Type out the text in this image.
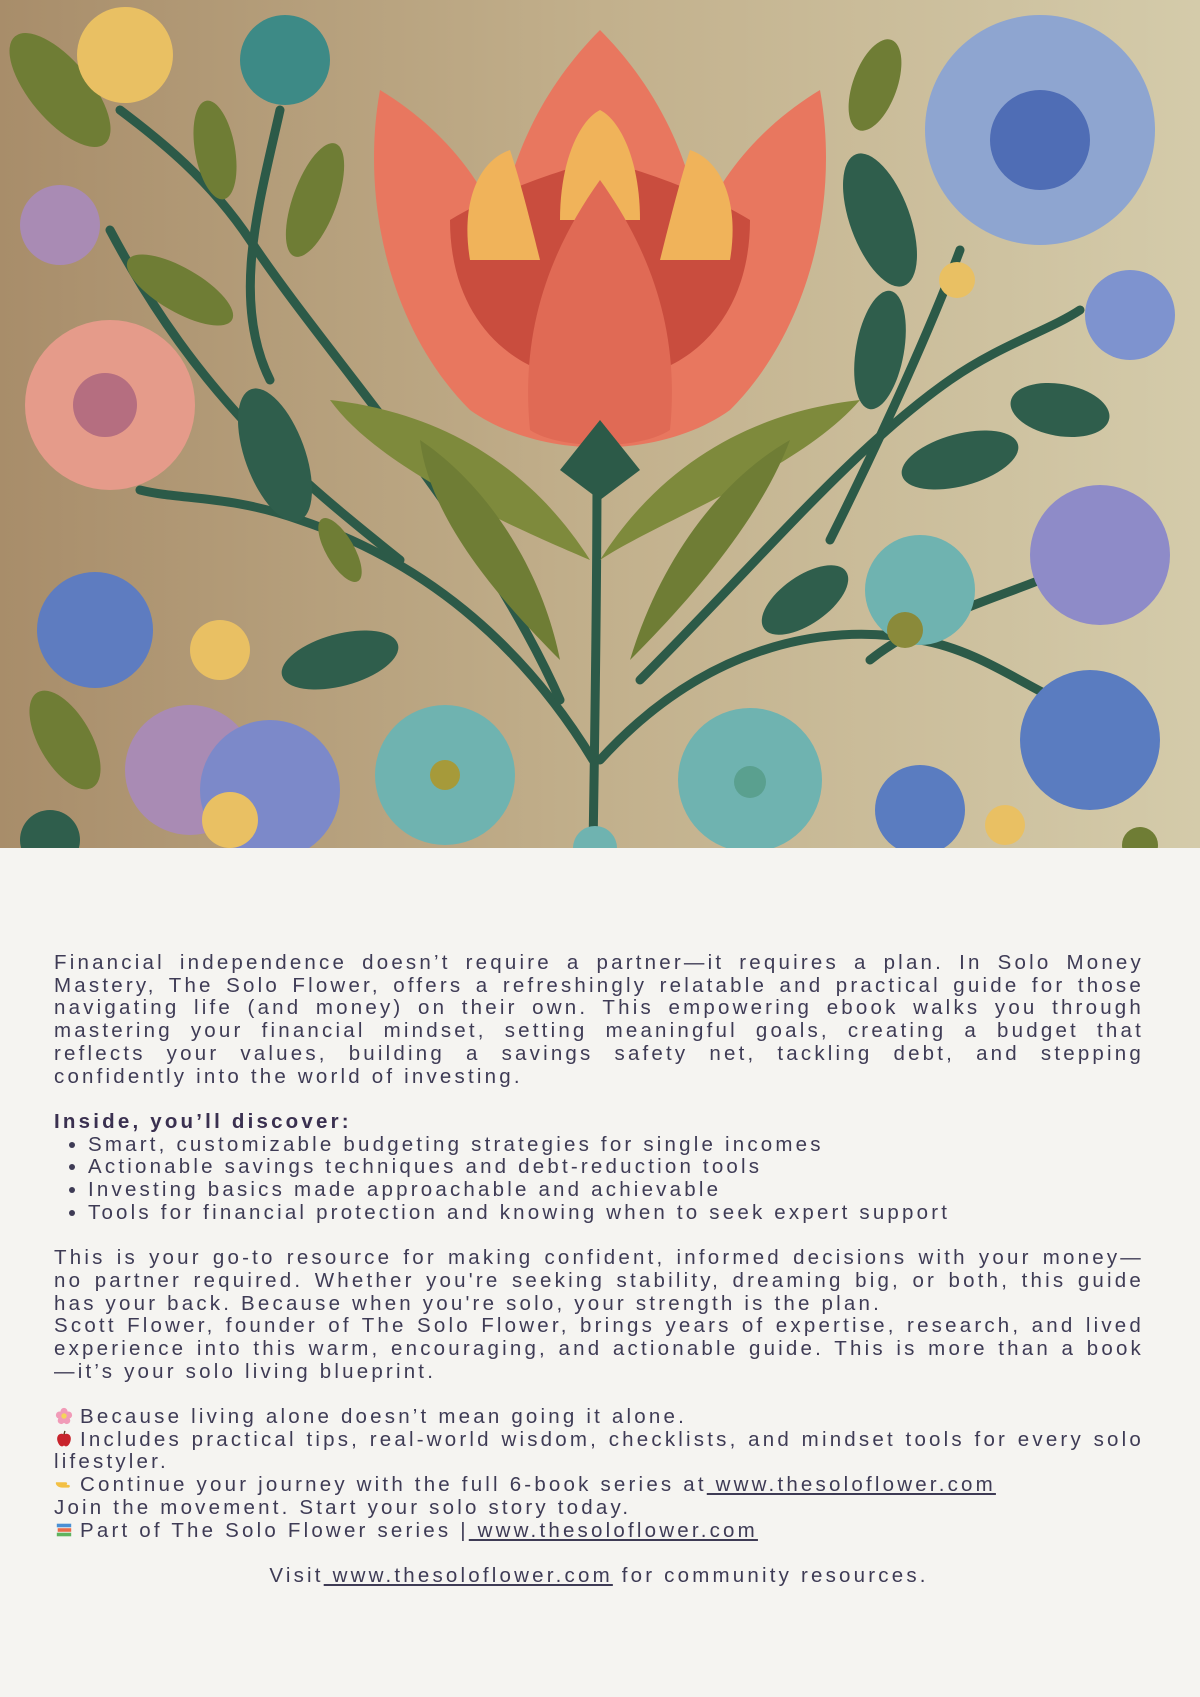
Financial independence doesn’t require a partner—it requires a plan. In Solo Money Mastery, The Solo Flower, offers a refreshingly relatable and practical guide for those navigating life (and money) on their own. This empowering ebook walks you through mastering your financial mindset, setting meaningful goals, creating a budget that reflects your values, building a savings safety net, tackling debt, and stepping confidently into the world of investing.

Inside, you’ll discover:

• Smart, customizable budgeting strategies for single incomes
• Actionable savings techniques and debt-reduction tools
• Investing basics made approachable and achievable
• Tools for financial protection and knowing when to seek expert support

This is your go-to resource for making confident, informed decisions with your money—no partner required. Whether you're seeking stability, dreaming big, or both, this guide has your back. Because when you're solo, your strength is the plan.

Scott Flower, founder of The Solo Flower, brings years of expertise, research, and lived experience into this warm, encouraging, and actionable guide. This is more than a book—it’s your solo living blueprint.

Because living alone doesn’t mean going it alone.

Includes practical tips, real-world wisdom, checklists, and mindset tools for every solo lifestyler.

Continue your journey with the full 6-book series at www.thesoloflower.com

Join the movement. Start your solo story today.

Part of The Solo Flower series | www.thesoloflower.com

Visit www.thesoloflower.com for community resources.
